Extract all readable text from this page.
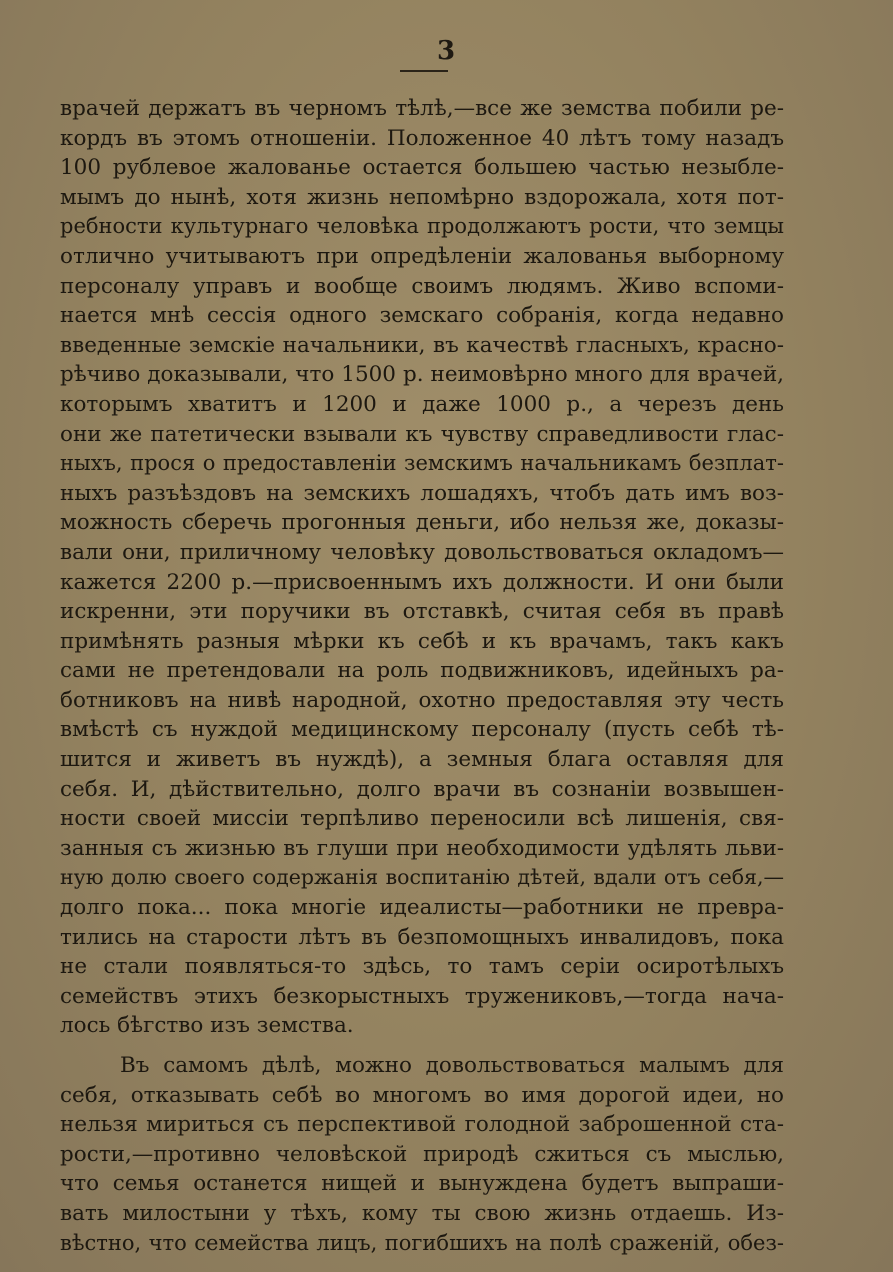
3
врачей держатъ въ черномъ тѣлѣ,—все же земства побили ре-
кордъ въ этомъ отношеніи. Положенное 40 лѣтъ тому назадъ
100 рублевое жалованье остается большею частью незыбле-
мымъ до нынѣ, хотя жизнь непомѣрно вздорожала, хотя пот-
ребности культурнаго человѣка продолжаютъ рости, что земцы
отлично учитываютъ при опредѣленіи жалованья выборному
персоналу управъ и вообще своимъ людямъ. Живо вспоми-
нается мнѣ сессія одного земскаго собранія, когда недавно
введенные земскіе начальники, въ качествѣ гласныхъ, красно-
рѣчиво доказывали, что 1500 р. неимовѣрно много для врачей,
которымъ хватитъ и 1200 и даже 1000 р., а черезъ день
они же патетически взывали къ чувству справедливости глас-
ныхъ, прося о предоставленіи земскимъ начальникамъ безплат-
ныхъ разъѣздовъ на земскихъ лошадяхъ, чтобъ дать имъ воз-
можность сберечь прогонныя деньги, ибо нельзя же, доказы-
вали они, приличному человѣку довольствоваться окладомъ—
кажется 2200 р.—присвоеннымъ ихъ должности. И они были
искренни, эти поручики въ отставкѣ, считая себя въ правѣ
примѣнять разныя мѣрки къ себѣ и къ врачамъ, такъ какъ
сами не претендовали на роль подвижниковъ, идейныхъ ра-
ботниковъ на нивѣ народной, охотно предоставляя эту честь
вмѣстѣ съ нуждой медицинскому персоналу (пусть себѣ тѣ-
шится и живетъ въ нуждѣ), а земныя блага оставляя для
себя. И, дѣйствительно, долго врачи въ сознаніи возвышен-
ности своей миссіи терпѣливо переносили всѣ лишенія, свя-
занныя съ жизнью въ глуши при необходимости удѣлять льви-
ную долю своего содержанія воспитанію дѣтей, вдали отъ себя,—
долго пока... пока многіе идеалисты—работники не превра-
тились на старости лѣтъ въ безпомощныхъ инвалидовъ, пока
не стали появляться-то здѣсь, то тамъ серіи осиротѣлыхъ
семействъ этихъ безкорыстныхъ тружениковъ,—тогда нача-
лось бѣгство изъ земства.
Въ самомъ дѣлѣ, можно довольствоваться малымъ для
себя, отказывать себѣ во многомъ во имя дорогой идеи, но
нельзя мириться съ перспективой голодной заброшенной ста-
рости,—противно человѣской природѣ сжиться съ мыслью,
что семья останется нищей и вынуждена будетъ выпраши-
вать милостыни у тѣхъ, кому ты свою жизнь отдаешь. Из-
вѣстно, что семейства лицъ, погибшихъ на полѣ сраженій, обез-
